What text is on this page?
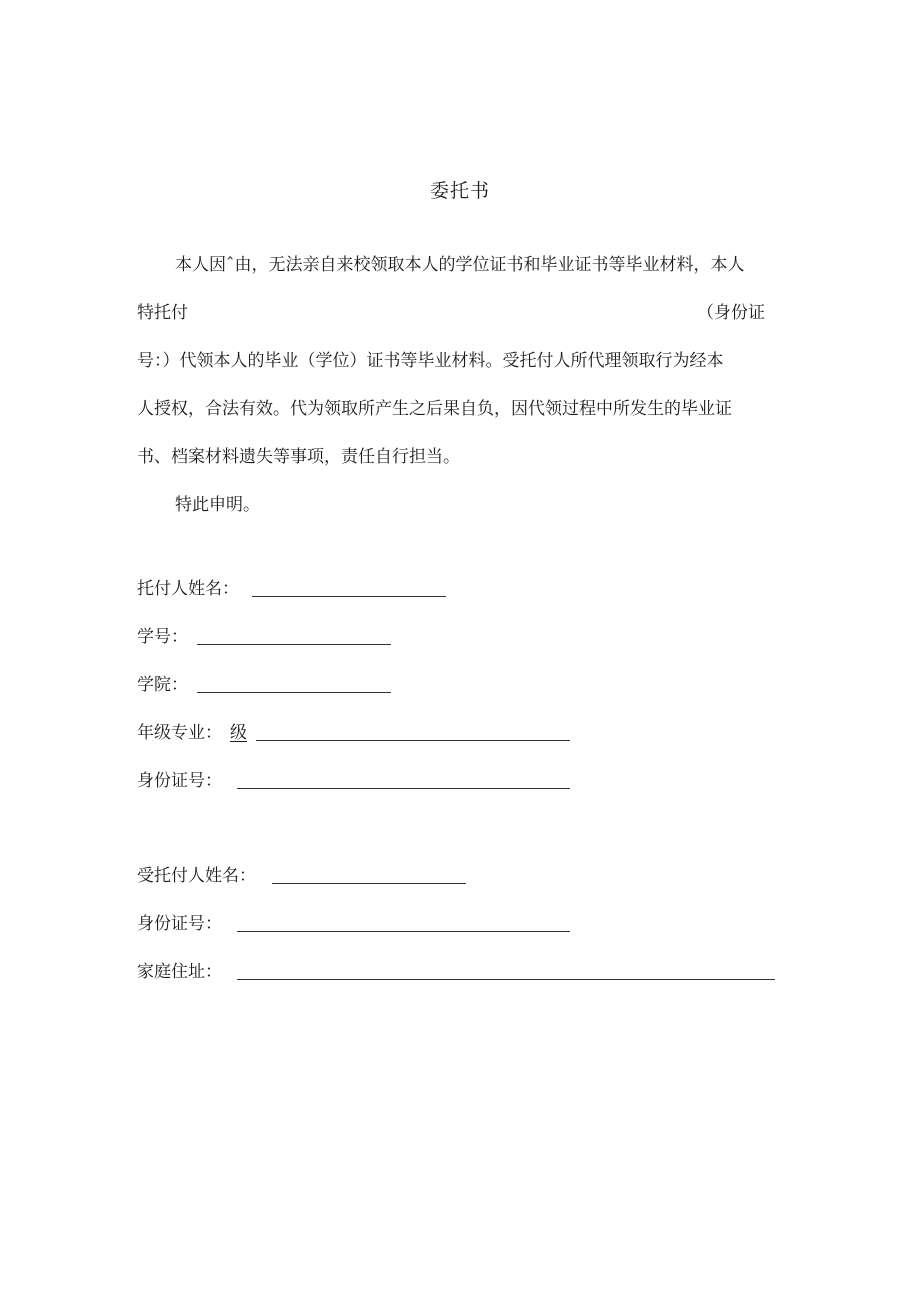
委托书
本人因ˆ由，无法亲自来校领取本人的学位证书和毕业证书等毕业材料，本人
特托付	（身份证
号：）代领本人的毕业（学位）证书等毕业材料。受托付人所代理领取行为经本
人授权，合法有效。代为领取所产生之后果自负，因代领过程中所发生的毕业证
书、档案材料遗失等事项，责任自行担当。
特此申明。
托付人姓名：
学号：
学院：
年级专业： 级
身份证号：
受托付人姓名：
身份证号：
家庭住址：
